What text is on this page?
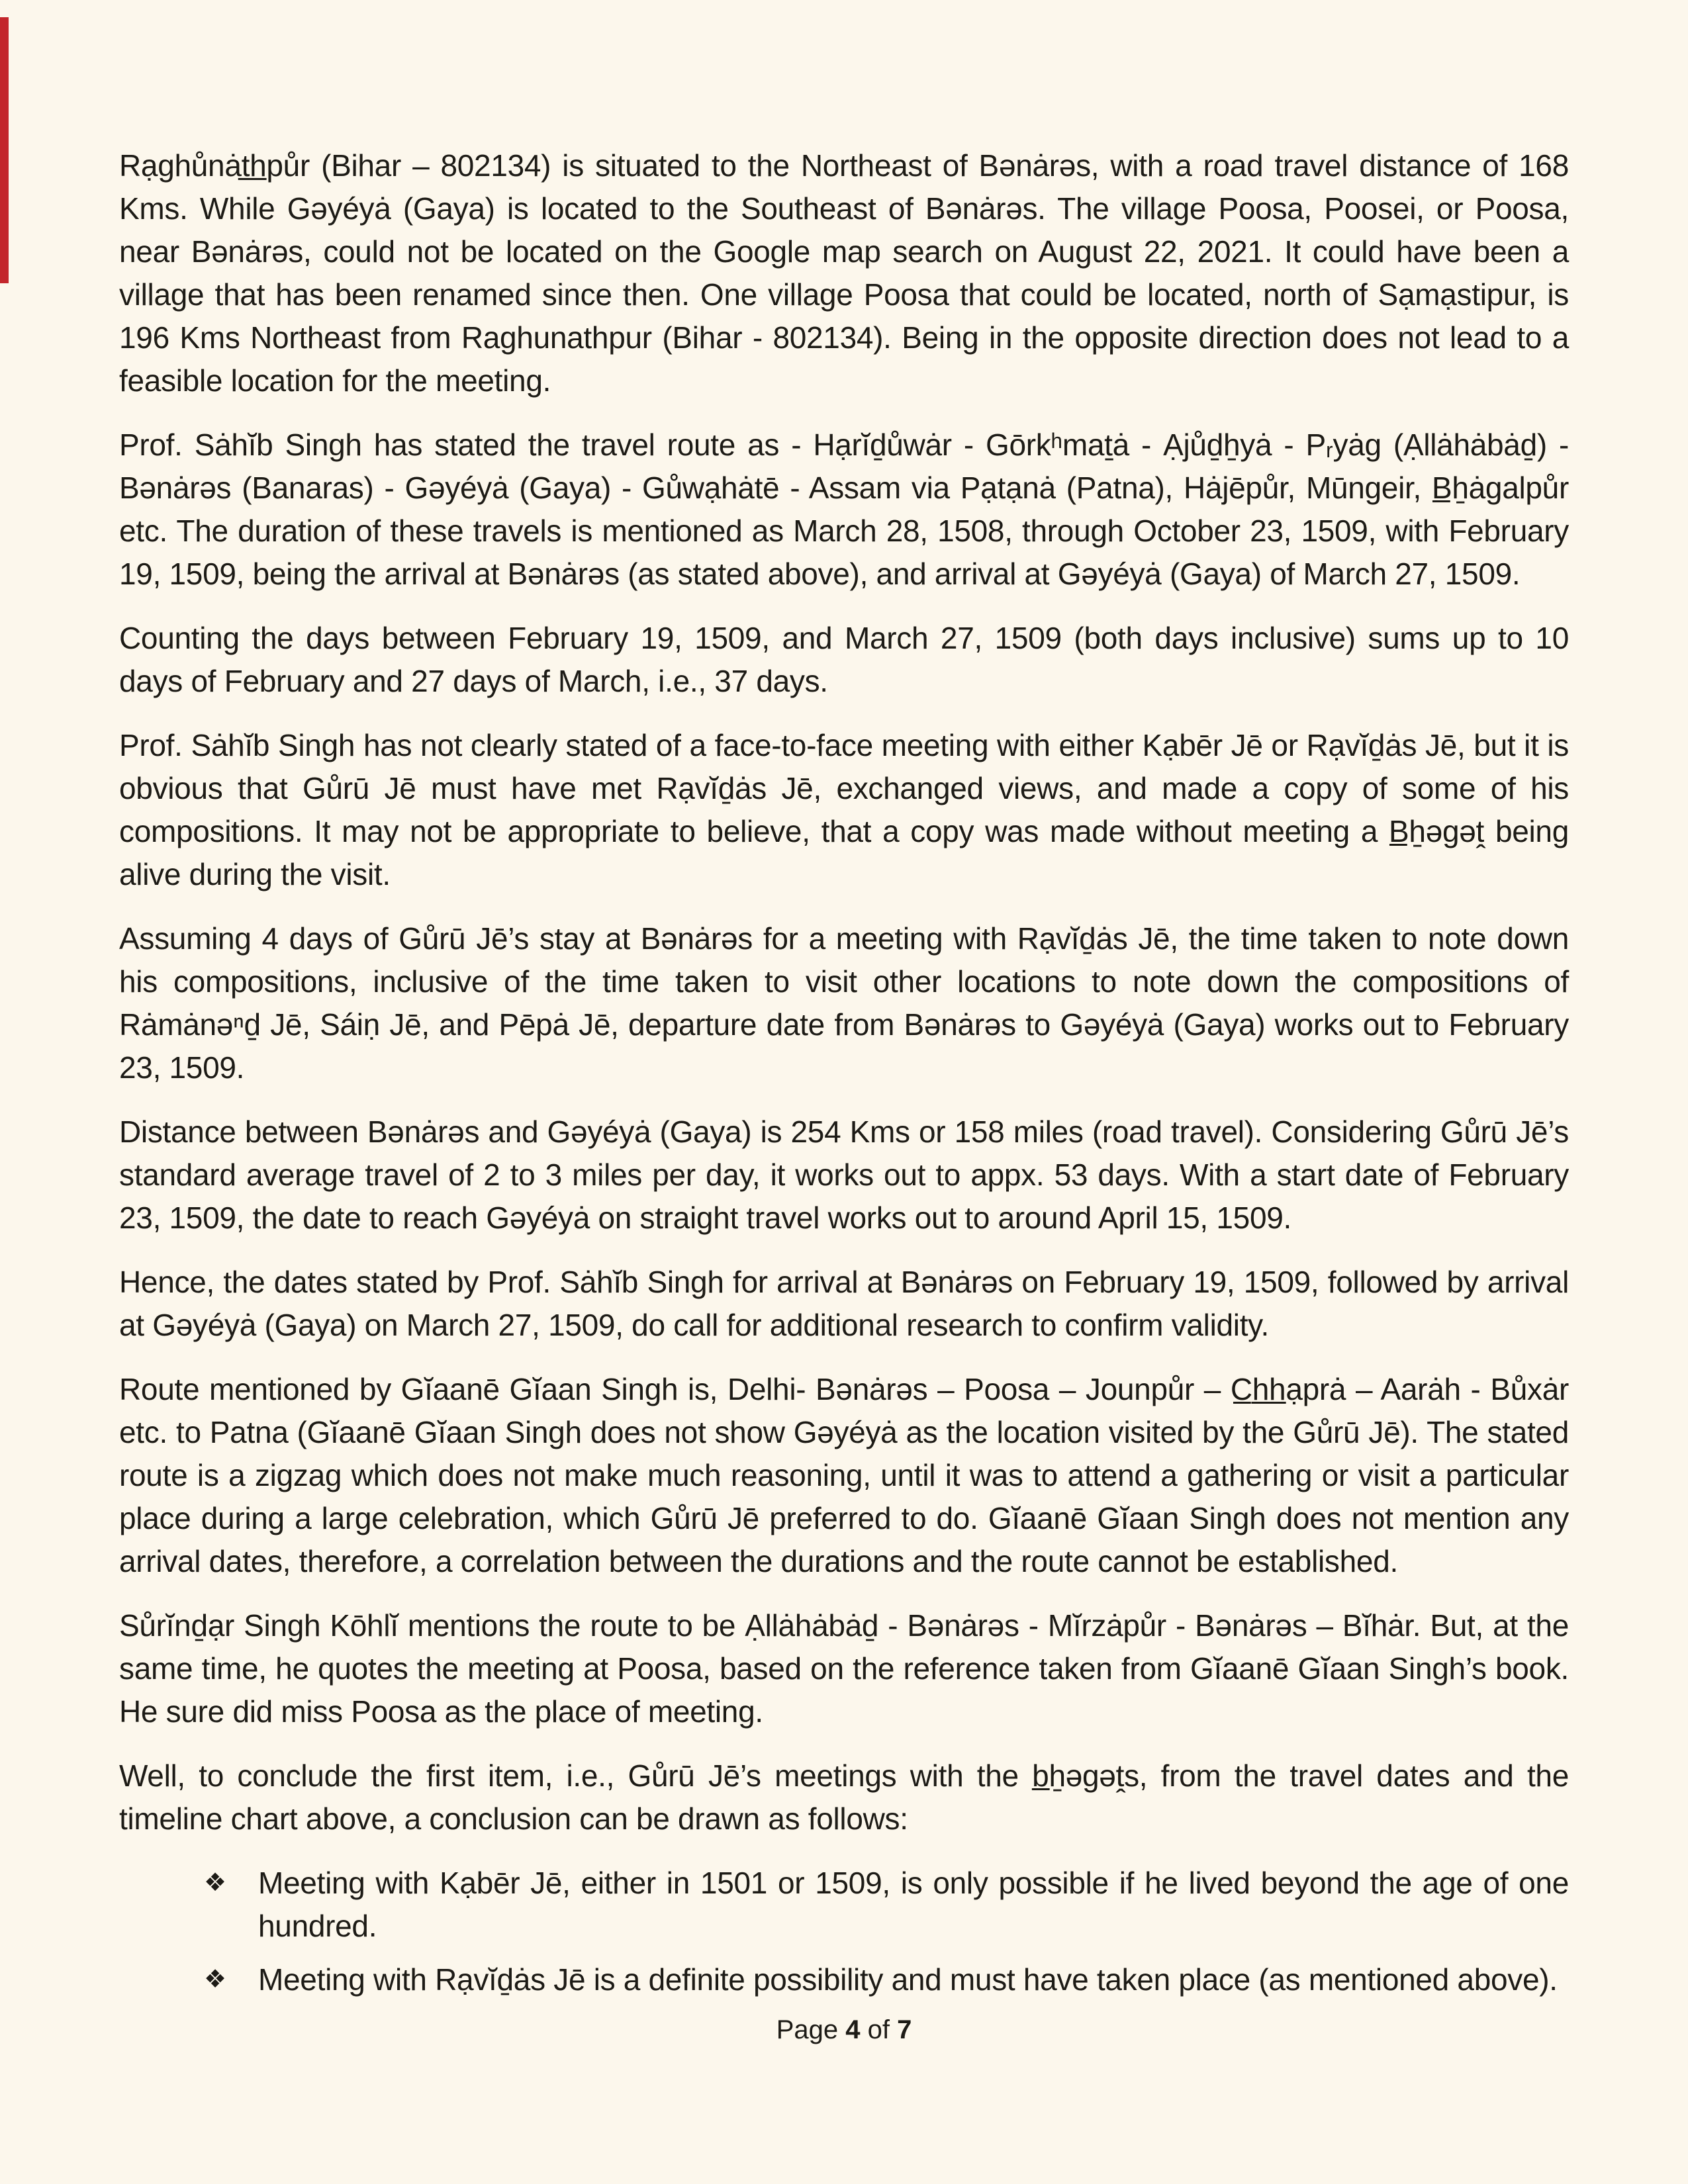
Rạghůnȧt̲h̲půr (Bihar – 802134) is situated to the Northeast of Bənȧrəs, with a road travel distance of 168 Kms. While Gəyéyȧ (Gaya) is located to the Southeast of Bənȧrəs. The village Poosa, Poosei, or Poosa, near Bənȧrəs, could not be located on the Google map search on August 22, 2021. It could have been a village that has been renamed since then. One village Poosa that could be located, north of Sạmạstipur, is 196 Kms Northeast from Raghunathpur (Bihar - 802134). Being in the opposite direction does not lead to a feasible location for the meeting.

Prof. Sȧhĭb Singh has stated the travel route as - Hạrĭḏůwȧr - Gōrkʰmaṯȧ - Ạjůḏẖyȧ - Pᵣyȧg (Ạllȧhȧbȧḏ) - Bənȧrəs (Banaras) - Gəyéyȧ (Gaya) - Gůwạhȧtē - Assam via Pạtạnȧ (Patna), Hȧjēpůr, Mūngeir, B̲ẖȧgalpůr etc. The duration of these travels is mentioned as March 28, 1508, through October 23, 1509, with February 19, 1509, being the arrival at Bənȧrəs (as stated above), and arrival at Gəyéyȧ (Gaya) of March 27, 1509.

Counting the days between February 19, 1509, and March 27, 1509 (both days inclusive) sums up to 10 days of February and 27 days of March, i.e., 37 days.

Prof. Sȧhĭb Singh has not clearly stated of a face-to-face meeting with either Kạbēr Jē or Rạvĭḏȧs Jē, but it is obvious that Gůrū Jē must have met Rạvĭḏȧs Jē, exchanged views, and made a copy of some of his compositions. It may not be appropriate to believe, that a copy was made without meeting a B̲ẖəgəṱ being alive during the visit.

Assuming 4 days of Gůrū Jē’s stay at Bənȧrəs for a meeting with Rạvĭḏȧs Jē, the time taken to note down his compositions, inclusive of the time taken to visit other locations to note down the compositions of Rȧmȧnəⁿḏ Jē, Sáiṇ Jē, and Pēpȧ Jē, departure date from Bənȧrəs to Gəyéyȧ (Gaya) works out to February 23, 1509.

Distance between Bənȧrəs and Gəyéyȧ (Gaya) is 254 Kms or 158 miles (road travel). Considering Gůrū Jē’s standard average travel of 2 to 3 miles per day, it works out to appx. 53 days. With a start date of February 23, 1509, the date to reach Gəyéyȧ on straight travel works out to around April 15, 1509.

Hence, the dates stated by Prof. Sȧhĭb Singh for arrival at Bənȧrəs on February 19, 1509, followed by arrival at Gəyéyȧ (Gaya) on March 27, 1509, do call for additional research to confirm validity.

Route mentioned by Gĭaanē Gĭaan Singh is, Delhi- Bənȧrəs – Poosa – Jounpůr – C̲h̲h̲ạprȧ – Aarȧh - Bůxȧr etc. to Patna (Gĭaanē Gĭaan Singh does not show Gəyéyȧ as the location visited by the Gůrū Jē). The stated route is a zigzag which does not make much reasoning, until it was to attend a gathering or visit a particular place during a large celebration, which Gůrū Jē preferred to do. Gĭaanē Gĭaan Singh does not mention any arrival dates, therefore, a correlation between the durations and the route cannot be established.

Sůrĭnḏạr Singh Kōhlĭ mentions the route to be Ạllȧhȧbȧḏ - Bənȧrəs - Mĭrzȧpůr - Bənȧrəs – Bĭhȧr. But, at the same time, he quotes the meeting at Poosa, based on the reference taken from Gĭaanē Gĭaan Singh’s book. He sure did miss Poosa as the place of meeting.

Well, to conclude the first item, i.e., Gůrū Jē’s meetings with the b̲ẖəgəṱs, from the travel dates and the timeline chart above, a conclusion can be drawn as follows:

❖	Meeting with Kạbēr Jē, either in 1501 or 1509, is only possible if he lived beyond the age of one hundred.
❖	Meeting with Rạvĭḏȧs Jē is a definite possibility and must have taken place (as mentioned above).
Page 4 of 7
